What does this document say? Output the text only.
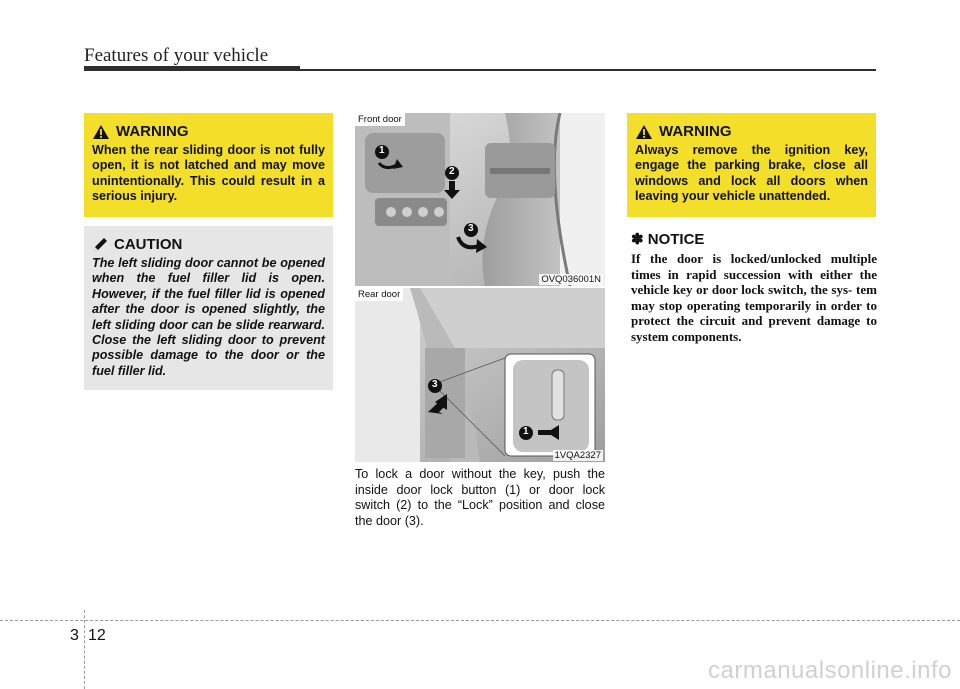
Features of your vehicle
WARNING
When the rear sliding door is not fully open, it is not latched and may move unintentionally. This could result in a serious injury.
CAUTION
The left sliding door cannot be opened when the fuel filler lid is open. However, if the fuel filler lid is opened after the door is opened slightly, the left sliding door can be slide rearward. Close the left sliding door to prevent possible damage to the door or the fuel filler lid.
Front door
1
2
3
OVQ036001N
Rear door
3
1
1VQA2327
To lock a door without the key, push the inside door lock button (1) or door lock switch (2) to the “Lock” position and close the door (3).
WARNING
Always remove the ignition key, engage the parking brake, close all windows and lock all doors when leaving your vehicle unattended.
✽ NOTICE
If the door is locked/unlocked multiple times in rapid succession with either the vehicle key or door lock switch, the sys- tem may stop operating temporarily in order to protect the circuit and prevent damage to system components.
3 12
carmanualsonline.info
